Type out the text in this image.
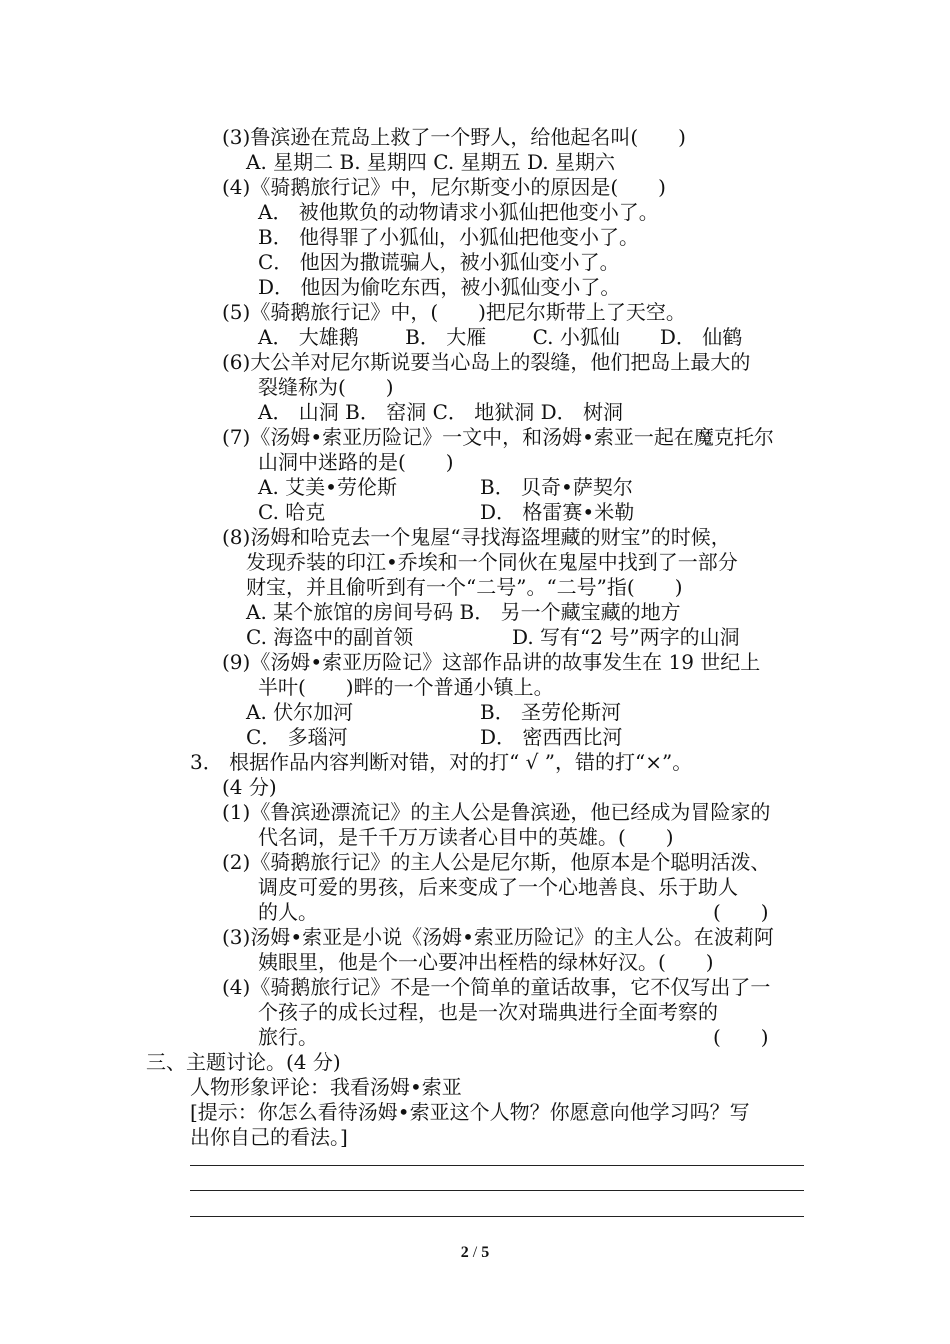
(3)鲁滨逊在荒岛上救了一个野人，给他起名叫(　　)
A. 星期二 B. 星期四 C. 星期五 D. 星期六
(4)《骑鹅旅行记》中，尼尔斯变小的原因是(　　)
A． 被他欺负的动物请求小狐仙把他变小了。
B． 他得罪了小狐仙，小狐仙把他变小了。
C． 他因为撒谎骗人，被小狐仙变小了。
D． 他因为偷吃东西，被小狐仙变小了。
(5)《骑鹅旅行记》中，(　　)把尼尔斯带上了天空。
A． 大雄鹅　　 B． 大雁　　 C. 小狐仙　　D． 仙鹤
(6)大公羊对尼尔斯说要当心岛上的裂缝，他们把岛上最大的
裂缝称为(　　)
A． 山洞 B． 窑洞 C． 地狱洞 D． 树洞
(7)《汤姆•索亚历险记》一文中，和汤姆•索亚一起在魔克托尔
山洞中迷路的是(　　)
A. 艾美•劳伦斯	B． 贝奇•萨契尔
C. 哈克	D． 格雷赛•米勒
(8)汤姆和哈克去一个鬼屋“寻找海盗埋藏的财宝”的时候，
发现乔装的印江•乔埃和一个同伙在鬼屋中找到了一部分
财宝，并且偷听到有一个“二号”。“二号”指(　　)
A. 某个旅馆的房间号码 B． 另一个藏宝藏的地方
C. 海盗中的副首领	D. 写有“2 号”两字的山洞
(9)《汤姆•索亚历险记》这部作品讲的故事发生在 19 世纪上
半叶(　　)畔的一个普通小镇上。
A. 伏尔加河	B． 圣劳伦斯河
C． 多瑙河	D． 密西西比河
3． 根据作品内容判断对错，对的打“ √ ”，错的打“×”。
(4 分)
(1)《鲁滨逊漂流记》的主人公是鲁滨逊，他已经成为冒险家的
代名词，是千千万万读者心目中的英雄。(　　)
(2)《骑鹅旅行记》的主人公是尼尔斯，他原本是个聪明活泼、
调皮可爱的男孩，后来变成了一个心地善良、乐于助人
的人。	(　　)
(3)汤姆•索亚是小说《汤姆•索亚历险记》的主人公。在波莉阿
姨眼里，他是个一心要冲出桎梏的绿林好汉。(　　)
(4)《骑鹅旅行记》不是一个简单的童话故事，它不仅写出了一
个孩子的成长过程，也是一次对瑞典进行全面考察的
旅行。	(　　)
三、主题讨论。(4 分)
人物形象评论：我看汤姆•索亚
[提示：你怎么看待汤姆•索亚这个人物？你愿意向他学习吗？写
出你自己的看法。]
2 / 5
